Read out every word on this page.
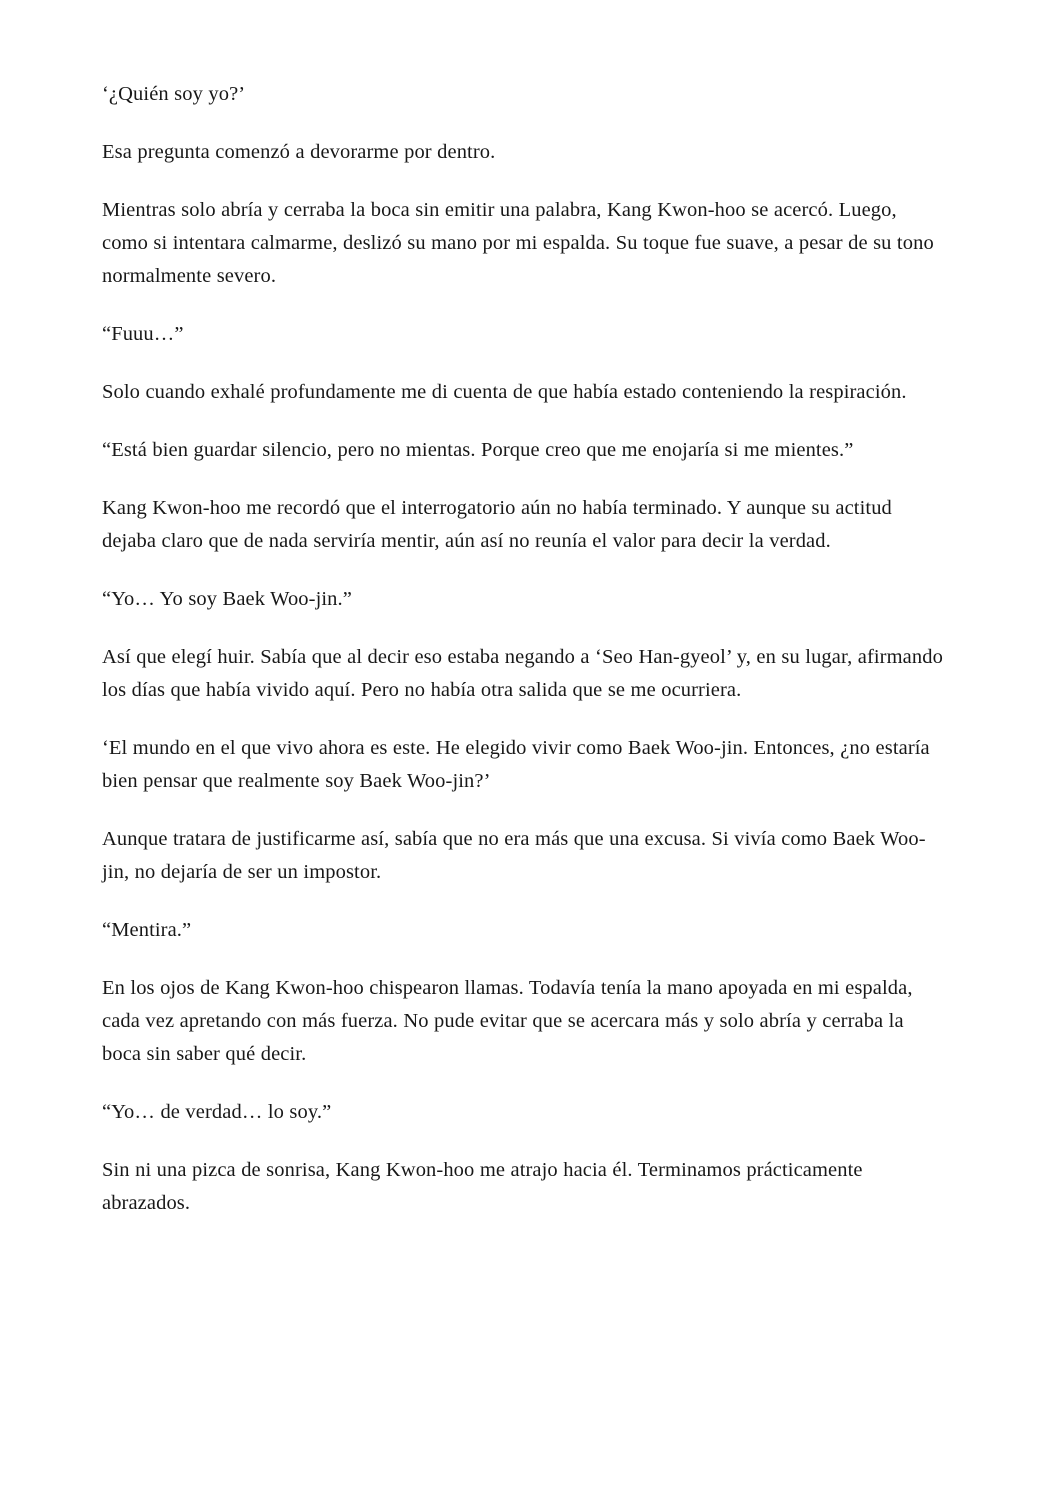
‘¿Quién soy yo?’

Esa pregunta comenzó a devorarme por dentro.

Mientras solo abría y cerraba la boca sin emitir una palabra, Kang Kwon-hoo se acercó. Luego, como si intentara calmarme, deslizó su mano por mi espalda. Su toque fue suave, a pesar de su tono normalmente severo.

“Fuuu…”

Solo cuando exhalé profundamente me di cuenta de que había estado conteniendo la respiración.

“Está bien guardar silencio, pero no mientas. Porque creo que me enojaría si me mientes.”

Kang Kwon-hoo me recordó que el interrogatorio aún no había terminado. Y aunque su actitud dejaba claro que de nada serviría mentir, aún así no reunía el valor para decir la verdad.

“Yo… Yo soy Baek Woo-jin.”

Así que elegí huir. Sabía que al decir eso estaba negando a ‘Seo Han-gyeol’ y, en su lugar, afirmando los días que había vivido aquí. Pero no había otra salida que se me ocurriera.

‘El mundo en el que vivo ahora es este. He elegido vivir como Baek Woo-jin. Entonces, ¿no estaría bien pensar que realmente soy Baek Woo-jin?’

Aunque tratara de justificarme así, sabía que no era más que una excusa. Si vivía como Baek Woo-jin, no dejaría de ser un impostor.

“Mentira.”

En los ojos de Kang Kwon-hoo chispearon llamas. Todavía tenía la mano apoyada en mi espalda, cada vez apretando con más fuerza. No pude evitar que se acercara más y solo abría y cerraba la boca sin saber qué decir.

“Yo… de verdad… lo soy.”

Sin ni una pizca de sonrisa, Kang Kwon-hoo me atrajo hacia él. Terminamos prácticamente abrazados.
